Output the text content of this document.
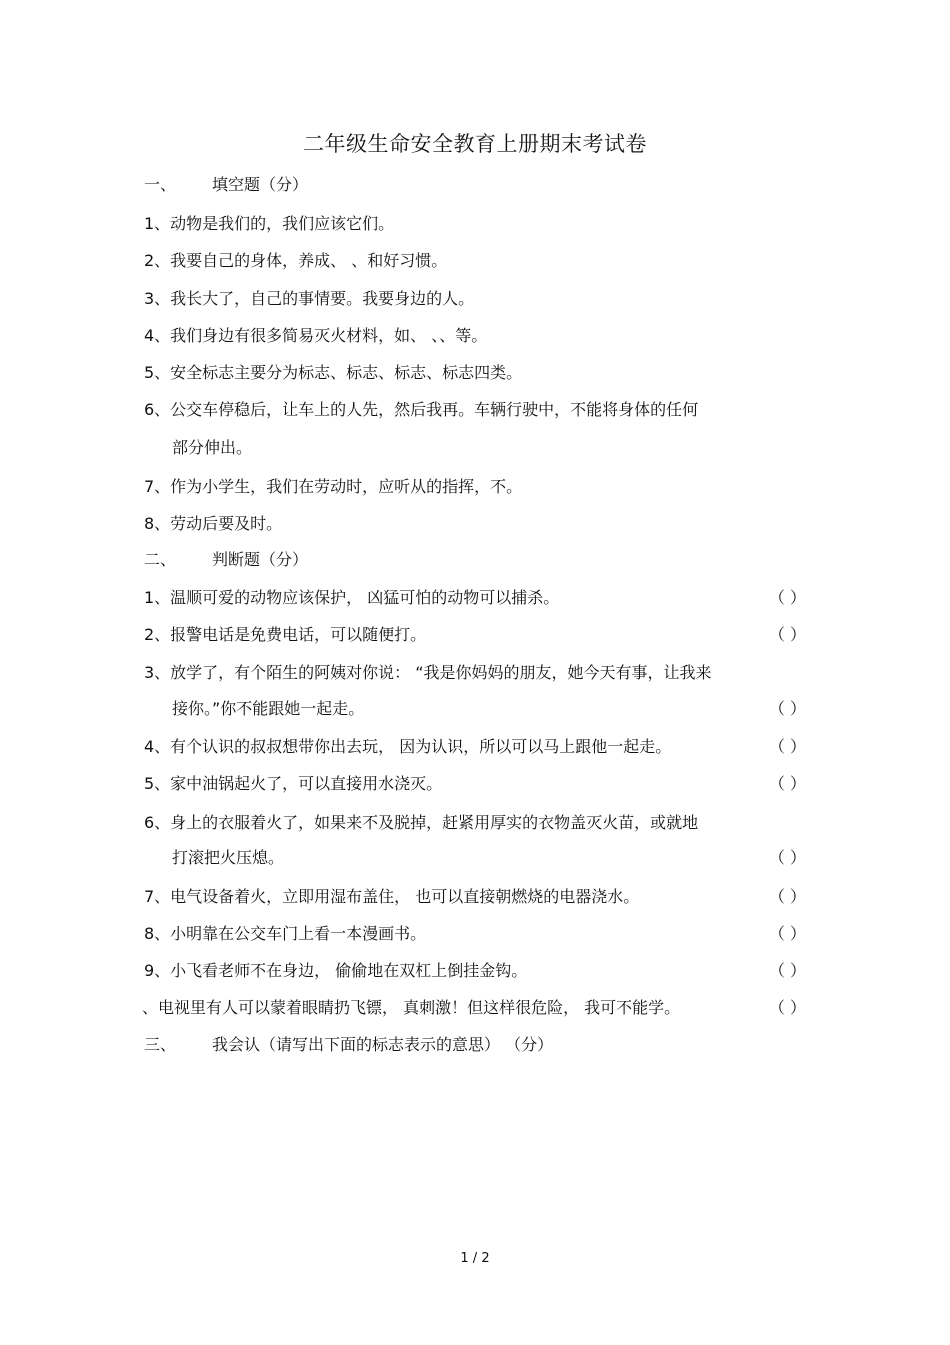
二年级生命安全教育上册期末考试卷
一、 填空题（分）
1、动物是我们的，我们应该它们。
2、我要自己的身体，养成、 、和好习惯。
3、我长大了，自己的事情要。我要身边的人。
4、我们身边有很多简易灭火材料，如、 、、等。
5、安全标志主要分为标志、标志、标志、标志四类。
6、公交车停稳后，让车上的人先，然后我再。车辆行驶中，不能将身体的任何
部分伸出。
7、作为小学生，我们在劳动时，应听从的指挥，不。
8、劳动后要及时。
二、 判断题（分）
1、温顺可爱的动物应该保护， 凶猛可怕的动物可以捕杀。	（ ）
2、报警电话是免费电话，可以随便打。	（ ）
3、放学了，有个陌生的阿姨对你说： “我是你妈妈的朋友，她今天有事，让我来
接你。”你不能跟她一起走。	（ ）
4、有个认识的叔叔想带你出去玩， 因为认识，所以可以马上跟他一起走。	（ ）
5、家中油锅起火了，可以直接用水浇灭。	（ ）
6、身上的衣服着火了，如果来不及脱掉，赶紧用厚实的衣物盖灭火苗，或就地
打滚把火压熄。	（ ）
7、电气设备着火，立即用湿布盖住， 也可以直接朝燃烧的电器浇水。	（ ）
8、小明靠在公交车门上看一本漫画书。	（ ）
9、小飞看老师不在身边， 偷偷地在双杠上倒挂金钩。	（ ）
、电视里有人可以蒙着眼睛扔飞镖， 真刺激！但这样很危险， 我可不能学。	（ ）
三、 我会认（请写出下面的标志表示的意思） （分）
1 / 2
